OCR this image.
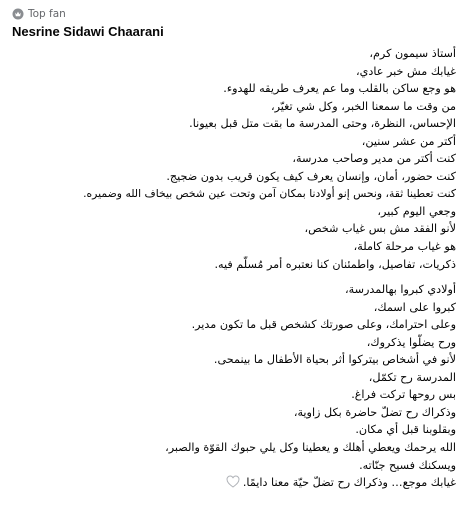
Top fan
Nesrine Sidawi Chaarani

أستاذ سيمون كرم،
غيابك مش خبر عادي،
هو وجع ساكن بالقلب وما عم يعرف طريقه للهدوء.
من وقت ما سمعنا الخبر، وكل شي تغيّر،
الإحساس، النظرة، وحتى المدرسة ما بقت متل قبل بعيونا.
أكتر من عشر سنين،
كنت أكتر من مدير وصاحب مدرسة،
كنت حضور، أمان، وإنسان يعرف كيف يكون قريب بدون ضجيج.
كنت تعطينا ثقة، ونحس إنو أولادنا بمكان آمن وتحت عين شخص بيخاف الله وضميره.
وجعي اليوم كبير،
لأنو الفقد مش بس غياب شخص،
هو غياب مرحلة كاملة،
ذكريات، تفاصيل، واطمئنان كنا نعتبره أمر مُسلّم فيه.

أولادي كبروا بهالمدرسة،
كبروا على اسمك،
وعلى احترامك، وعلى صورتك كشخص قبل ما تكون مدير.
ورح يضلّوا يذكروك،
لأنو في أشخاص بيتركوا أثر بحياة الأطفال ما بينمحى.
المدرسة رح تكمّل،
بس روحها تركت فراغ.
وذكراك رح تضلّ حاضرة بكل زاوية،
وبقلوبنا قبل أي مكان.
الله يرحمك ويعطي أهلك و يعطينا وكل يلي حبوك القوّة والصبر،
ويسكنك فسيح جنّاته.
غيابك موجع… وذكراك رح تضلّ حيّة معنا دايمًا.
